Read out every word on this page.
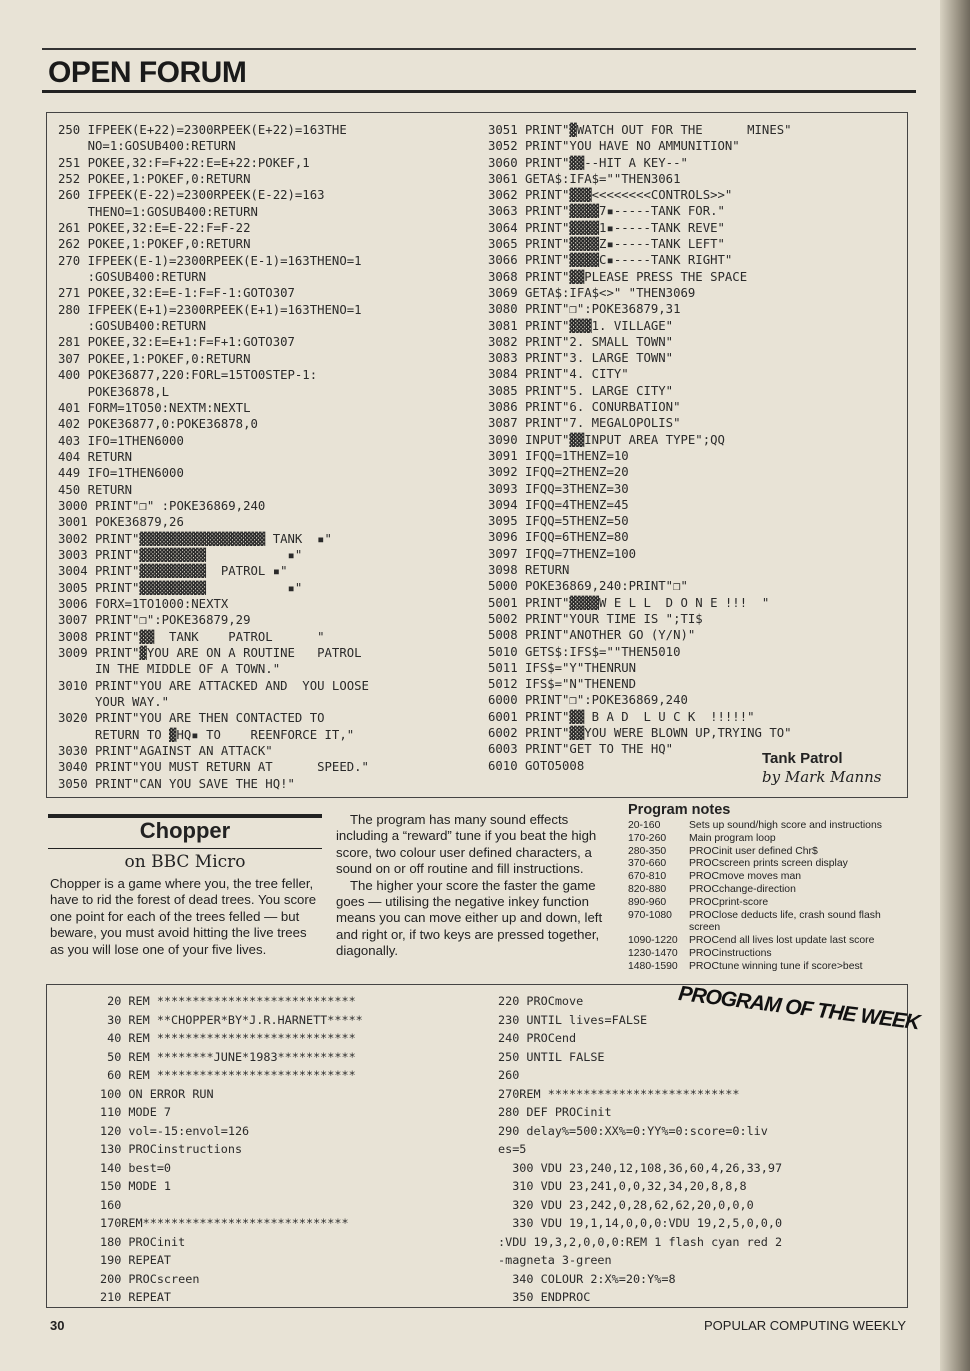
OPEN FORUM
250 IFPEEK(E+22)=2300RPEEK(E+22)=163THE
NO=1:GOSUB400:RETURN
251 POKEE,32:F=F+22:E=E+22:POKEF,1
252 POKEE,1:POKEF,0:RETURN
260 IFPEEK(E-22)=2300RPEEK(E-22)=163
THENO=1:GOSUB400:RETURN
261 POKEE,32:E=E-22:F=F-22
262 POKEE,1:POKEF,0:RETURN
270 IFPEEK(E-1)=2300RPEEK(E-1)=163THENO=1
:GOSUB400:RETURN
271 POKEE,32:E=E-1:F=F-1:GOTO307
280 IFPEEK(E+1)=2300RPEEK(E+1)=163THENO=1
:GOSUB400:RETURN
281 POKEE,32:E=E+1:F=F+1:GOTO307
307 POKEE,1:POKEF,0:RETURN
400 POKE36877,220:FORL=15TO0STEP-1:
POKE36878,L
401 FORM=1TO50:NEXTM:NEXTL
402 POKE36877,0:POKE36878,0
403 IFO=1THEN6000
404 RETURN
449 IFO=1THEN6000
450 RETURN
3000 PRINT"❒" :POKE36869,240
3001 POKE36879,26
3002 PRINT"▓▓▓▓▓▓▓▓▓▓▓▓▓▓▓▓▓ TANK  ▪"
3003 PRINT"▓▓▓▓▓▓▓▓▓           ▪"
3004 PRINT"▓▓▓▓▓▓▓▓▓  PATROL ▪"
3005 PRINT"▓▓▓▓▓▓▓▓▓           ▪"
3006 FORX=1TO1000:NEXTX
3007 PRINT"❒":POKE36879,29
3008 PRINT"▓▓  TANK    PATROL      "
3009 PRINT"▓YOU ARE ON A ROUTINE   PATROL
IN THE MIDDLE OF A TOWN."
3010 PRINT"YOU ARE ATTACKED AND  YOU LOOSE
YOUR WAY."
3020 PRINT"YOU ARE THEN CONTACTED TO
RETURN TO ▓HQ▪ TO    REENFORCE IT,"
3030 PRINT"AGAINST AN ATTACK"
3040 PRINT"YOU MUST RETURN AT      SPEED."
3050 PRINT"CAN YOU SAVE THE HQ!"
3051 PRINT"▓WATCH OUT FOR THE      MINES"
3052 PRINT"YOU HAVE NO AMMUNITION"
3060 PRINT"▓▓--HIT A KEY--"
3061 GETA$:IFA$=""THEN3061
3062 PRINT"▓▓▓<<<<<<<<CONTROLS>>"
3063 PRINT"▓▓▓▓7▪-----TANK FOR."
3064 PRINT"▓▓▓▓1▪-----TANK REVE"
3065 PRINT"▓▓▓▓Z▪-----TANK LEFT"
3066 PRINT"▓▓▓▓C▪-----TANK RIGHT"
3068 PRINT"▓▓PLEASE PRESS THE SPACE
3069 GETA$:IFA$<>" "THEN3069
3080 PRINT"❒":POKE36879,31
3081 PRINT"▓▓▓1. VILLAGE"
3082 PRINT"2. SMALL TOWN"
3083 PRINT"3. LARGE TOWN"
3084 PRINT"4. CITY"
3085 PRINT"5. LARGE CITY"
3086 PRINT"6. CONURBATION"
3087 PRINT"7. MEGALOPOLIS"
3090 INPUT"▓▓INPUT AREA TYPE";QQ
3091 IFQQ=1THENZ=10
3092 IFQQ=2THENZ=20
3093 IFQQ=3THENZ=30
3094 IFQQ=4THENZ=45
3095 IFQQ=5THENZ=50
3096 IFQQ=6THENZ=80
3097 IFQQ=7THENZ=100
3098 RETURN
5000 POKE36869,240:PRINT"❒"
5001 PRINT"▓▓▓▓W E L L  D O N E !!!  "
5002 PRINT"YOUR TIME IS ";TI$
5008 PRINT"ANOTHER GO (Y/N)"
5010 GETS$:IFS$=""THEN5010
5011 IFS$="Y"THENRUN
5012 IFS$="N"THENEND
6000 PRINT"❒":POKE36869,240
6001 PRINT"▓▓ B A D  L U C K  !!!!!"
6002 PRINT"▓▓YOU WERE BLOWN UP,TRYING TO"
6003 PRINT"GET TO THE HQ"
6010 GOTO5008	Tank Patrol
by Mark Manns
Chopper
on BBC Micro
Chopper is a game where you, the tree feller, have to rid the forest of dead trees. You score one point for each of the trees felled — but beware, you must avoid hitting the live trees as you will lose one of your five lives.

The program has many sound effects including a “reward” tune if you beat the high score, two colour user defined characters, a sound on or off routine and fill instructions.

The higher your score the faster the game goes — utilising the negative inkey function means you can move either up and down, left and right or, if two keys are pressed together, diagonally.

Program notes
20-160	Sets up sound/high score and instructions
170-260	Main program loop
280-350	PROCinit user defined Chr$
370-660	PROCscreen prints screen display
670-810	PROCmove moves man
820-880	PROCchange-direction
890-960	PROCprint-score
970-1080	PROClose deducts life, crash sound flash screen
1090-1220	PROCend all lives lost update last score
1230-1470	PROCinstructions
1480-1590	PROCtune winning tune if score>best
20 REM ****************************
30 REM **CHOPPER*BY*J.R.HARNETT*****
40 REM ****************************
50 REM ********JUNE*1983***********
60 REM ****************************
100 ON ERROR RUN
110 MODE 7
120 vol=-15:envol=126
130 PROCinstructions
140 best=0
150 MODE 1
160
170REM*****************************
180 PROCinit
190 REPEAT
200 PROCscreen
210 REPEAT
220 PROCmove
230 UNTIL lives=FALSE
240 PROCend
250 UNTIL FALSE
260
270REM ***************************
280 DEF PROCinit
290 delay%=500:XX%=0:YY%=0:score=0:liv
es=5
300 VDU 23,240,12,108,36,60,4,26,33,97
310 VDU 23,241,0,0,32,34,20,8,8,8
320 VDU 23,242,0,28,62,62,20,0,0,0
330 VDU 19,1,14,0,0,0:VDU 19,2,5,0,0,0
:VDU 19,3,2,0,0,0:REM 1 flash cyan red 2
-magneta 3-green
340 COLOUR 2:X%=20:Y%=8
350 ENDPROC
PROGRAM OF THE WEEK
30	POPULAR COMPUTING WEEKLY
